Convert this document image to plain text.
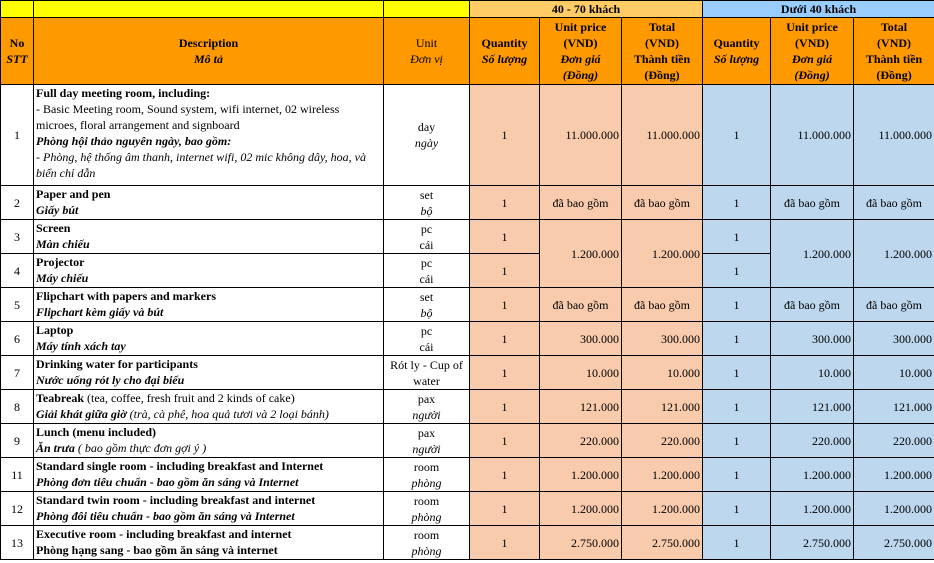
			40 - 70 khách			Dưới 40 khách		

No
STT	Description
Mô tả	Unit
Đơn vị	Quantity
Số lượng	Unit price
(VND)
Đơn giá
(Đồng)	Total
(VND)
Thành tiền
(Đồng)	Quantity
Số lượng	Unit price
(VND)
Đơn giá
(Đồng)	Total
(VND)
Thành tiền
(Đồng)

1	Full day meeting room, including:
- Basic Meeting room, Sound system, wifi internet, 02 wireless microes, floral arrangement and signboard
Phòng hội thảo nguyên ngày, bao gồm:
- Phòng, hệ thống âm thanh, internet wifi, 02 mic không dây, hoa, và biển chỉ dẫn	day
ngày	1	11.000.000	11.000.000	1	11.000.000	11.000.000
2	Paper and pen
Giấy bút	set
bộ	1	đã bao gồm	đã bao gồm	1	đã bao gồm	đã bao gồm
3	Screen
Màn chiếu	pc
cái	1	1.200.000	1.200.000	1	1.200.000	1.200.000
4	Projector
Máy chiếu	pc
cái	1			1		
5	Flipchart with papers and markers
Flipchart kèm giấy và bút	set
bộ	1	đã bao gồm	đã bao gồm	1	đã bao gồm	đã bao gồm
6	Laptop
Máy tính xách tay	pc
cái	1	300.000	300.000	1	300.000	300.000
7	Drinking water for participants
Nước uống rót ly cho đại biểu	Rót ly - Cup of
water	1	10.000	10.000	1	10.000	10.000
8	Teabreak (tea, coffee, fresh fruit and 2 kinds of cake)
Giải khát giữa giờ (trà, cà phê, hoa quả tươi và 2 loại bánh)	pax
người	1	121.000	121.000	1	121.000	121.000
9	Lunch (menu included)
Ăn trưa ( bao gồm thực đơn gợi ý )	pax
người	1	220.000	220.000	1	220.000	220.000
11	Standard single room - including breakfast and Internet
Phòng đơn tiêu chuẩn - bao gồm ăn sáng và Internet	room
phòng	1	1.200.000	1.200.000	1	1.200.000	1.200.000
12	Standard twin room - including breakfast and internet
Phòng đôi tiêu chuẩn - bao gồm ăn sáng và Internet	room
phòng	1	1.200.000	1.200.000	1	1.200.000	1.200.000
13	Executive room - including breakfast and internet
Phòng hạng sang - bao gồm ăn sáng và internet	room
phòng	1	2.750.000	2.750.000	1	2.750.000	2.750.000
